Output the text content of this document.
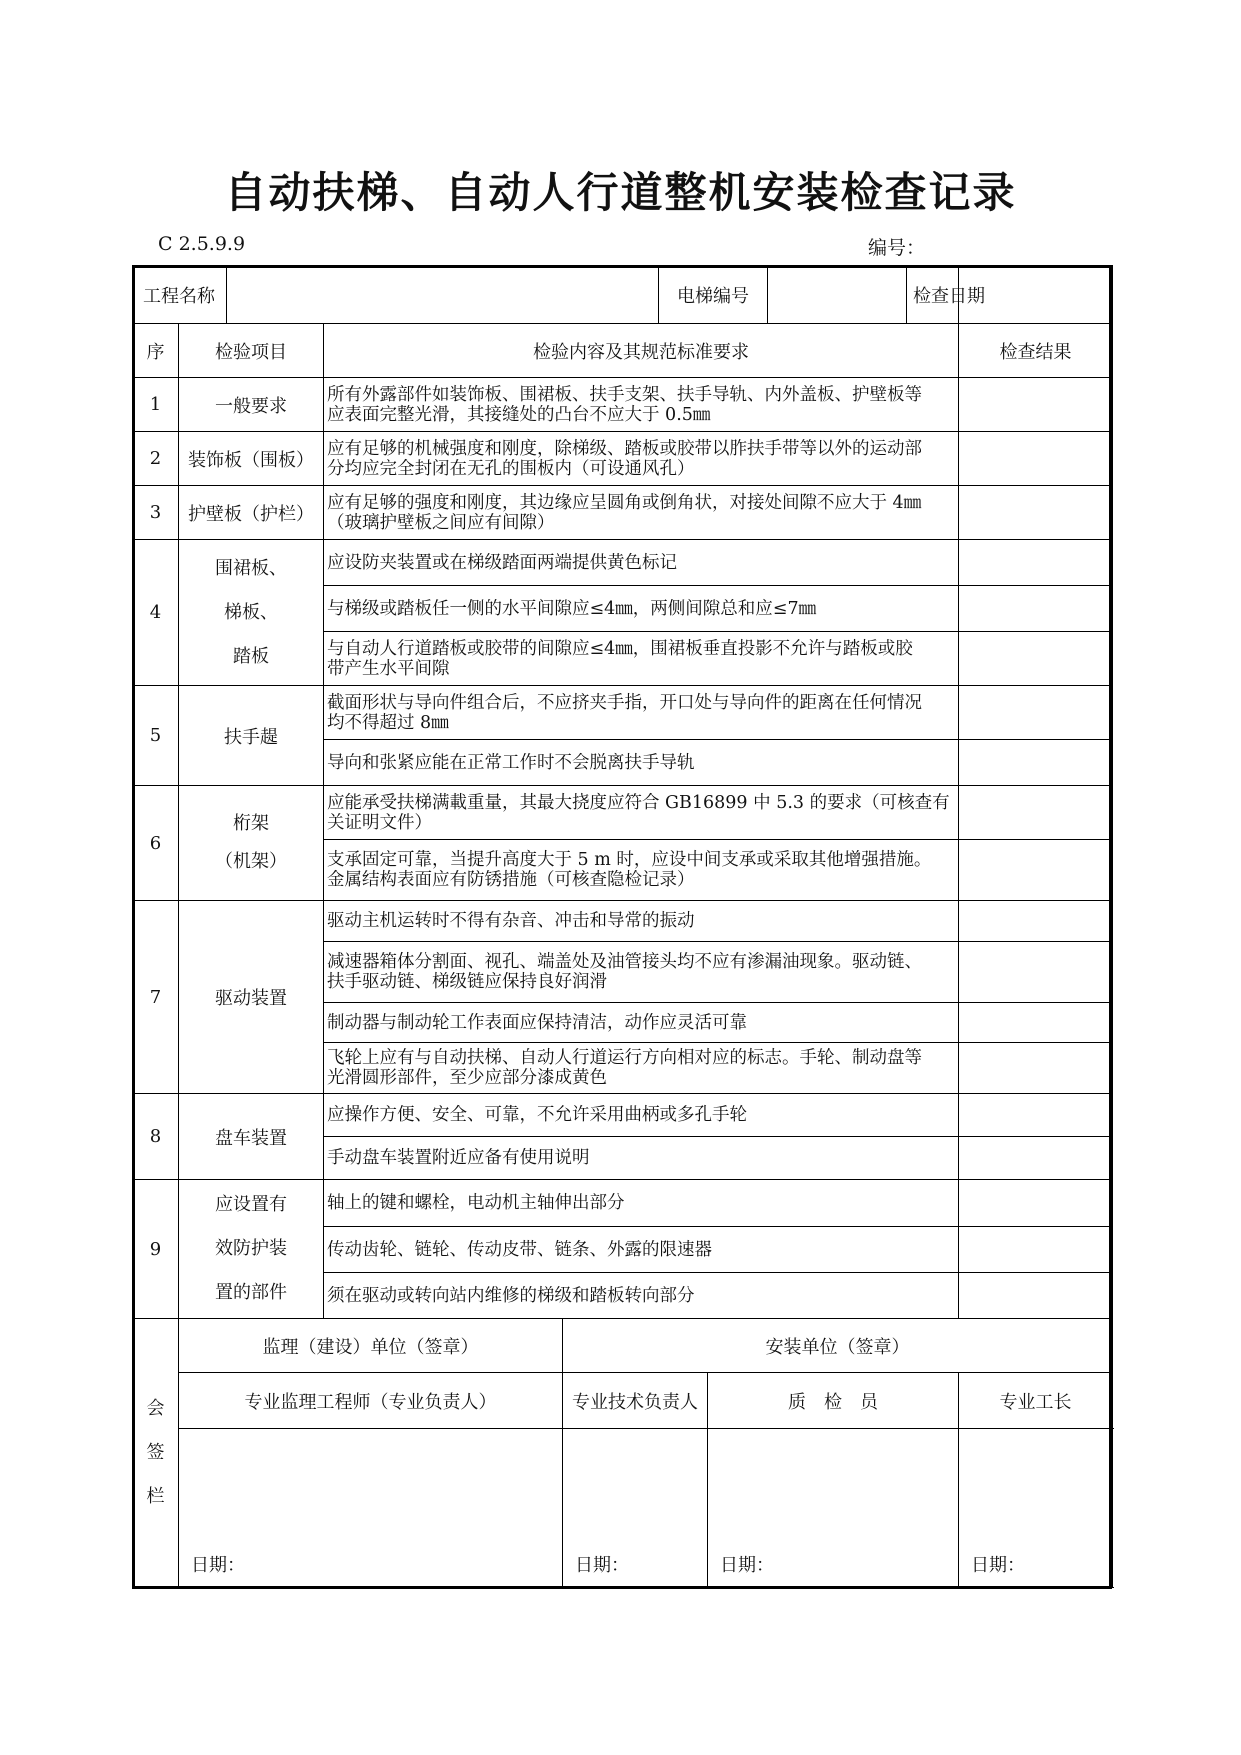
自动扶梯、自动人行道整机安装检查记录
C 2.5.9.9	编号：
工程名称					电梯编号			检查日期	
序	检验项目		检验内容及其规范标准要求						检查结果
1	一般要求		所有外露部件如装饰板、围裙板、扶手支架、扶手导轨、内外盖板、护壁板等
应表面完整光滑，其接缝处的凸台不应大于 0.5㎜						
2	装饰板（围板）		应有足够的机械强度和刚度，除梯级、踏板或胶带以胙扶手带等以外的运动部
分均应完全封闭在无孔的围板内（可设通风孔）						
3	护壁板（护栏）		应有足够的强度和刚度，其边缘应呈圆角或倒角状，对接处间隙不应大于 4㎜
（玻璃护壁板之间应有间隙）						
4	围裙板、
梯板、
踏板		应设防夹装置或在梯级踏面两端提供黄色标记						
			与梯级或踏板任一侧的水平间隙应≤4㎜，两侧间隙总和应≤7㎜						
			与自动人行道踏板或胶带的间隙应≤4㎜，围裙板垂直投影不允许与踏板或胶
带产生水平间隙						
5	扶手趧		截面形状与导向件组合后，不应挤夹手指，开口处与导向件的距离在任何情况
均不得超过 8㎜						
			导向和张紧应能在正常工作时不会脱离扶手导轨						
6	桁架
（机架）		应能承受扶梯满載重量，其最大挠度应符合 GB16899 中 5.3 的要求（可核查有
关证明文件）						
			支承固定可靠，当提升高度大于 5 m 时，应设中间支承或采取其他增强措施。
金属结构表面应有防锈措施（可核查隐检记录）						
7	驱动装置		驱动主机运转时不得有杂音、冲击和导常的振动						
			减速器箱体分割面、视孔、端盖处及油管接头均不应有渗漏油现象。驱动链、
扶手驱动链、梯级链应保持良好润滑						
			制动器与制动轮工作表面应保持清洁，动作应灵活可靠						
			飞轮上应有与自动扶梯、自动人行道运行方向相对应的标志。手轮、制动盘等
光滑圆形部件，至少应部分漆成黄色						
8	盘车装置		应操作方便、安全、可靠，不允许采用曲柄或多孔手轮						
			手动盘车装置附近应备有使用说明						
9	应设置有
效防护装
置的部件		轴上的键和螺栓，电动机主轴伸出部分						
			传动齿轮、链轮、传动皮带、链条、外露的限速器						
			须在驱动或转向站内维修的梯级和踏板转向部分						
会
签
栏	监理（建设）单位（签章）			安装单位（签章）					
	专业监理工程师（专业负责人）			专业技术负责人		质　检　员			专业工长
	日期：			日期：		日期：			日期：
